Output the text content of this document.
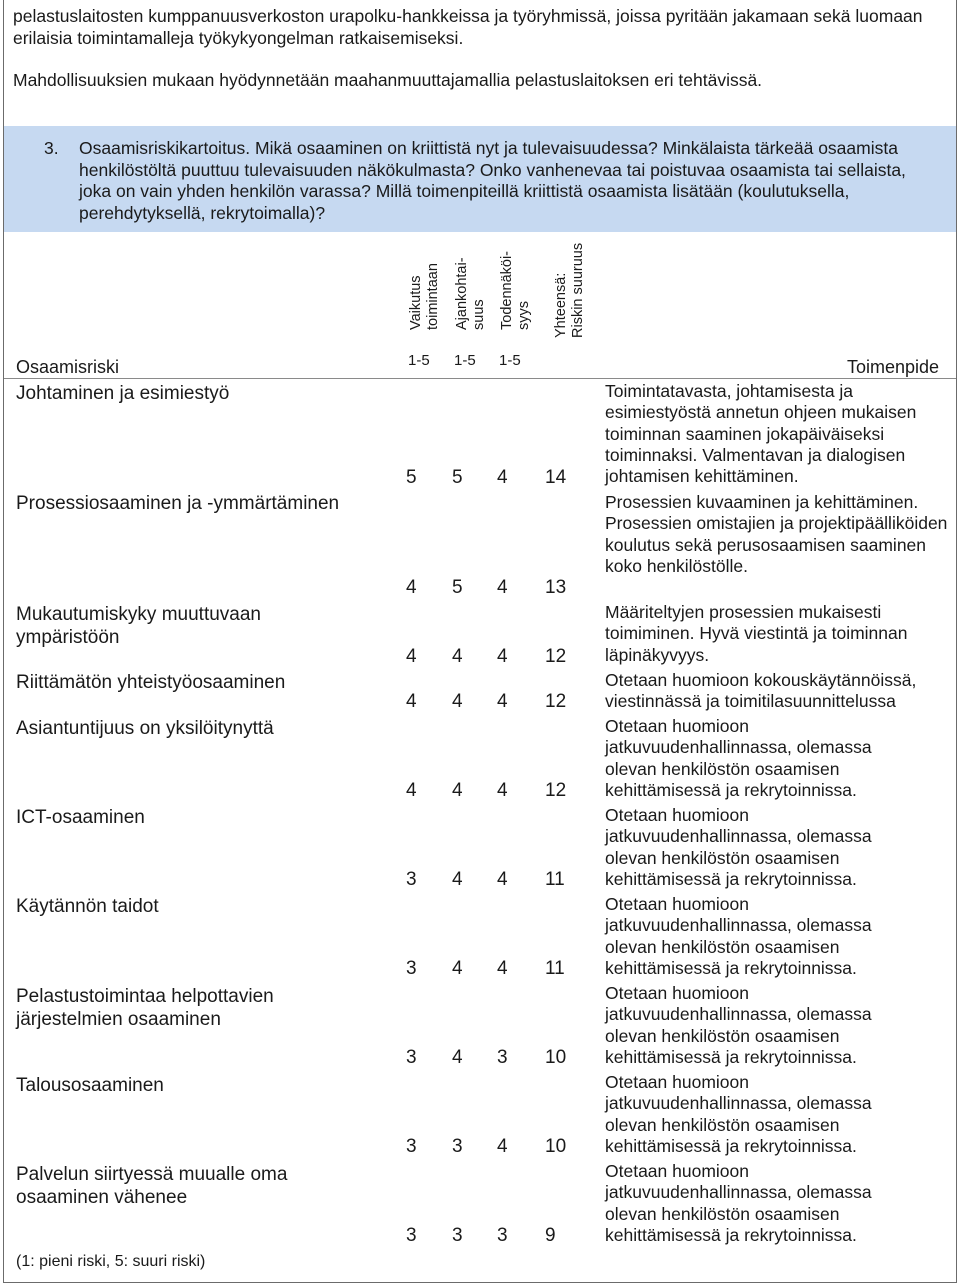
pelastuslaitosten kumppanuusverkoston urapolku-hankkeissa ja työryhmissä, joissa pyritään jakamaan sekä luomaan erilaisia toimintamalleja työkykyongelman ratkaisemiseksi.

Mahdollisuuksien mukaan hyödynnetään maahanmuuttajamallia pelastuslaitoksen eri tehtävissä.

3. Osaamisriskikartoitus. Mikä osaaminen on kriittistä nyt ja tulevaisuudessa? Minkälaista tärkeää osaamista henkilöstöltä puuttuu tulevaisuuden näkökulmasta? Onko vanhenevaa tai poistuvaa osaamista tai sellaista, joka on vain yhden henkilön varassa? Millä toimenpiteillä kriittistä osaamista lisätään (koulutuksella, perehdytyksellä, rekrytoimalla)?
Vaikutus toimintaan Ajankohtai- suus Todennäköi- syys Yhteensä: Riskin suuruus
Osaamisriski	1-5 1-5 1-5	Toimenpide
Johtaminen ja esimiestyö
5 5 4 14
Toimintatavasta, johtamisesta ja esimiestyöstä annetun ohjeen mukaisen toiminnan saaminen jokapäiväiseksi toiminnaksi. Valmentavan ja dialogisen johtamisen kehittäminen.
Prosessiosaaminen ja -ymmärtäminen
4 5 4 13
Prosessien kuvaaminen ja kehittäminen. Prosessien omistajien ja projektipäälliköiden koulutus sekä perusosaamisen saaminen koko henkilöstölle.
Mukautumiskyky muuttuvaan ympäristöön
4 4 4 12
Määriteltyjen prosessien mukaisesti toimiminen. Hyvä viestintä ja toiminnan läpinäkyvyys.
Riittämätön yhteistyöosaaminen
4 4 4 12
Otetaan huomioon kokouskäytännöissä, viestinnässä ja toimitilasuunnittelussa
Asiantuntijuus on yksilöitynyttä
4 4 4 12
Otetaan huomioon jatkuvuudenhallinnassa, olemassa olevan henkilöstön osaamisen kehittämisessä ja rekrytoinnissa.
ICT-osaaminen
3 4 4 11
Otetaan huomioon jatkuvuudenhallinnassa, olemassa olevan henkilöstön osaamisen kehittämisessä ja rekrytoinnissa.
Käytännön taidot
3 4 4 11
Otetaan huomioon jatkuvuudenhallinnassa, olemassa olevan henkilöstön osaamisen kehittämisessä ja rekrytoinnissa.
Pelastustoimintaa helpottavien järjestelmien osaaminen
3 4 3 10
Otetaan huomioon jatkuvuudenhallinnassa, olemassa olevan henkilöstön osaamisen kehittämisessä ja rekrytoinnissa.
Talousosaaminen
3 3 4 10
Otetaan huomioon jatkuvuudenhallinnassa, olemassa olevan henkilöstön osaamisen kehittämisessä ja rekrytoinnissa.
Palvelun siirtyessä muualle oma osaaminen vähenee
3 3 3 9
Otetaan huomioon jatkuvuudenhallinnassa, olemassa olevan henkilöstön osaamisen kehittämisessä ja rekrytoinnissa.
(1: pieni riski, 5: suuri riski)
